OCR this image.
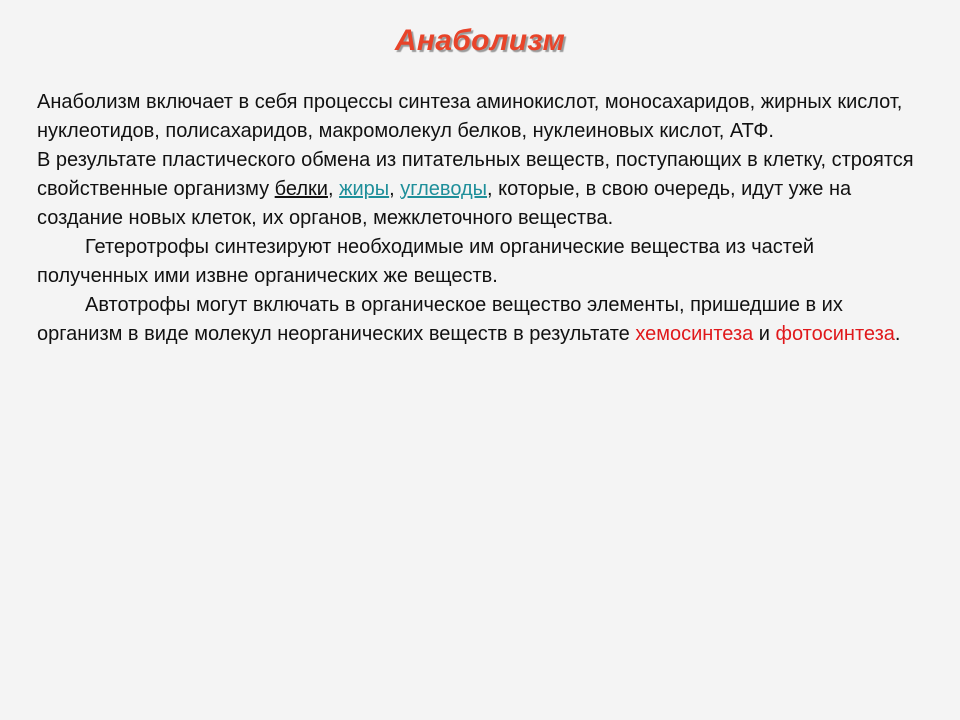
Анаболизм

Анаболизм включает в себя процессы синтеза аминокислот, моносахаридов, жирных кислот, нуклеотидов, полисахаридов, макромолекул белков, нуклеиновых кислот, АТФ.

В результате пластического обмена из питательных веществ, поступающих в клетку, строятся свойственные организму белки, жиры, углеводы, которые, в свою очередь, идут уже на создание новых клеток, их органов, межклеточного вещества.

Гетеротрофы синтезируют необходимые им органические вещества из частей полученных ими извне органических же веществ.

Автотрофы могут включать в органическое вещество элементы, пришедшие в их организм в виде молекул неорганических веществ в результате хемосинтеза и фотосинтеза.
